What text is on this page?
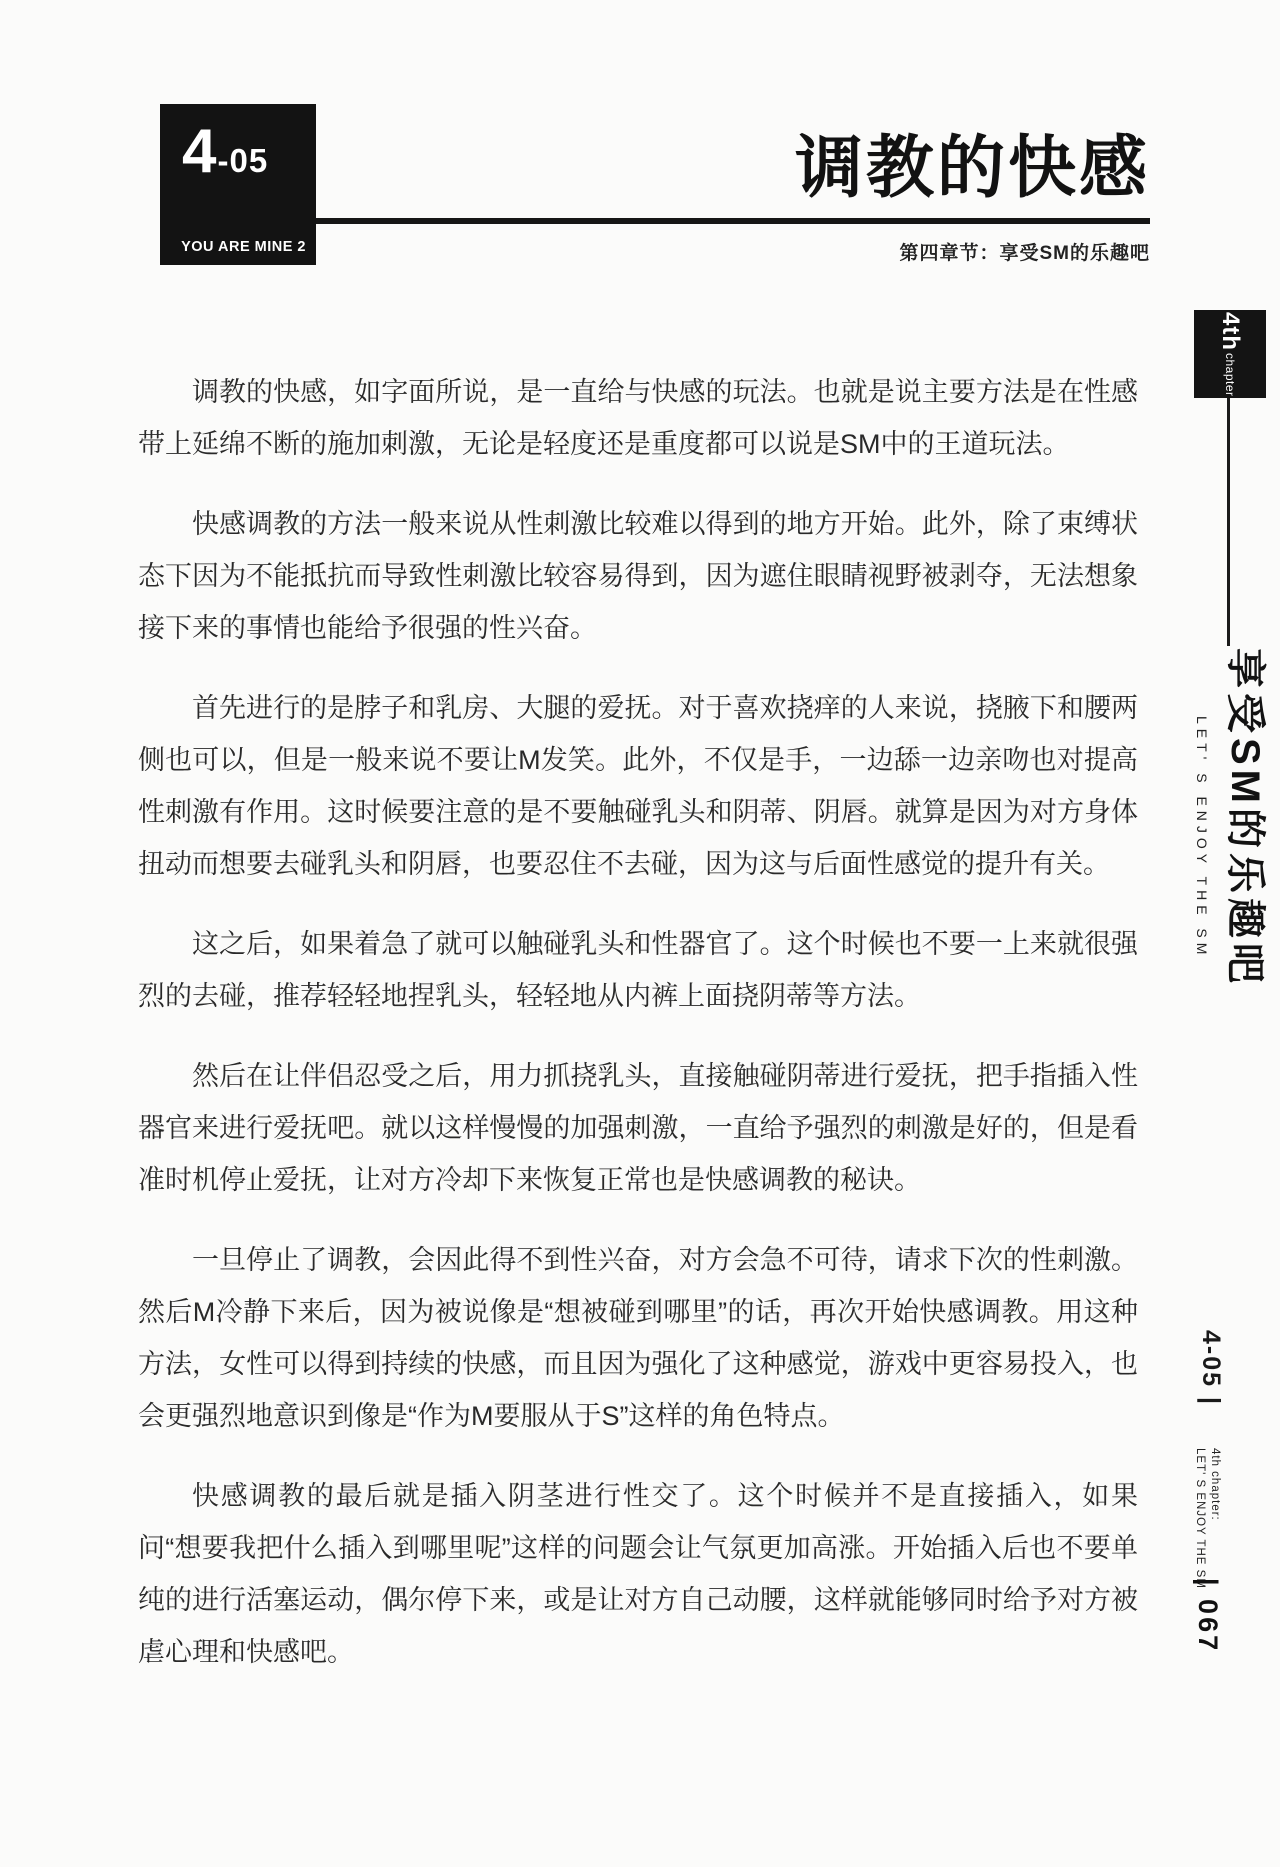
4-05
YOU ARE MINE 2
调教的快感
第四章节：享受SM的乐趣吧

调教的快感，如字面所说，是一直给与快感的玩法。也就是说主要方法是在性感带上延绵不断的施加刺激，无论是轻度还是重度都可以说是SM中的王道玩法。

快感调教的方法一般来说从性刺激比较难以得到的地方开始。此外，除了束缚状态下因为不能抵抗而导致性刺激比较容易得到，因为遮住眼睛视野被剥夺，无法想象接下来的事情也能给予很强的性兴奋。

首先进行的是脖子和乳房、大腿的爱抚。对于喜欢挠痒的人来说，挠腋下和腰两侧也可以，但是一般来说不要让M发笑。此外，不仅是手，一边舔一边亲吻也对提高性刺激有作用。这时候要注意的是不要触碰乳头和阴蒂、阴唇。就算是因为对方身体扭动而想要去碰乳头和阴唇，也要忍住不去碰，因为这与后面性感觉的提升有关。

这之后，如果着急了就可以触碰乳头和性器官了。这个时候也不要一上来就很强烈的去碰，推荐轻轻地捏乳头，轻轻地从内裤上面挠阴蒂等方法。

然后在让伴侣忍受之后，用力抓挠乳头，直接触碰阴蒂进行爱抚，把手指插入性器官来进行爱抚吧。就以这样慢慢的加强刺激，一直给予强烈的刺激是好的，但是看准时机停止爱抚，让对方冷却下来恢复正常也是快感调教的秘诀。

一旦停止了调教，会因此得不到性兴奋，对方会急不可待，请求下次的性刺激。然后M冷静下来后，因为被说像是“想被碰到哪里”的话，再次开始快感调教。用这种方法，女性可以得到持续的快感，而且因为强化了这种感觉，游戏中更容易投入，也会更强烈地意识到像是“作为M要服从于S”这样的角色特点。

快感调教的最后就是插入阴茎进行性交了。这个时候并不是直接插入，如果问“想要我把什么插入到哪里呢”这样的问题会让气氛更加高涨。开始插入后也不要单纯的进行活塞运动，偶尔停下来，或是让对方自己动腰，这样就能够同时给予对方被虐心理和快感吧。

4th
chapter
享受SM的乐趣吧
LET' S ENJOY THE SM
4-05 |
4th chapter:
LET' S ENJOY THE SM
| 067
